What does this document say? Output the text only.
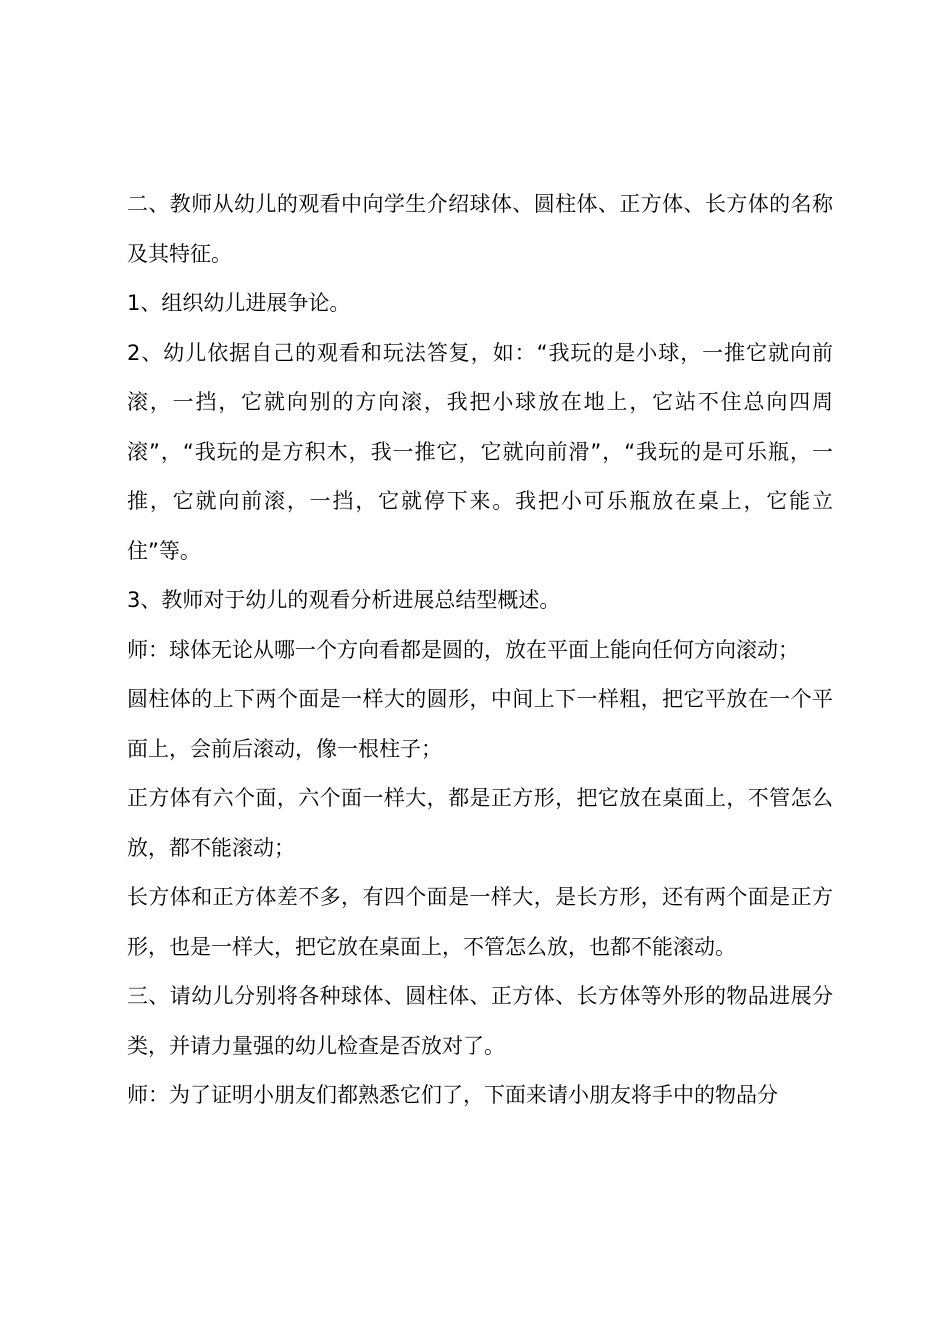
二、教师从幼儿的观看中向学生介绍球体、圆柱体、正方体、长方体的名称及其特征。

1、组织幼儿进展争论。

2、幼儿依据自己的观看和玩法答复，如：“我玩的是小球，一推它就向前滚，一挡，它就向别的方向滚，我把小球放在地上，它站不住总向四周滚”，“我玩的是方积木，我一推它，它就向前滑”，“我玩的是可乐瓶，一推，它就向前滚，一挡，它就停下来。我把小可乐瓶放在桌上，它能立住”等。

3、教师对于幼儿的观看分析进展总结型概述。

师：球体无论从哪一个方向看都是圆的，放在平面上能向任何方向滚动；

圆柱体的上下两个面是一样大的圆形，中间上下一样粗，把它平放在一个平面上，会前后滚动，像一根柱子；

正方体有六个面，六个面一样大，都是正方形，把它放在桌面上，不管怎么放，都不能滚动；

长方体和正方体差不多，有四个面是一样大，是长方形，还有两个面是正方形，也是一样大，把它放在桌面上，不管怎么放，也都不能滚动。

三、请幼儿分别将各种球体、圆柱体、正方体、长方体等外形的物品进展分类，并请力量强的幼儿检查是否放对了。

师：为了证明小朋友们都熟悉它们了，下面来请小朋友将手中的物品分
